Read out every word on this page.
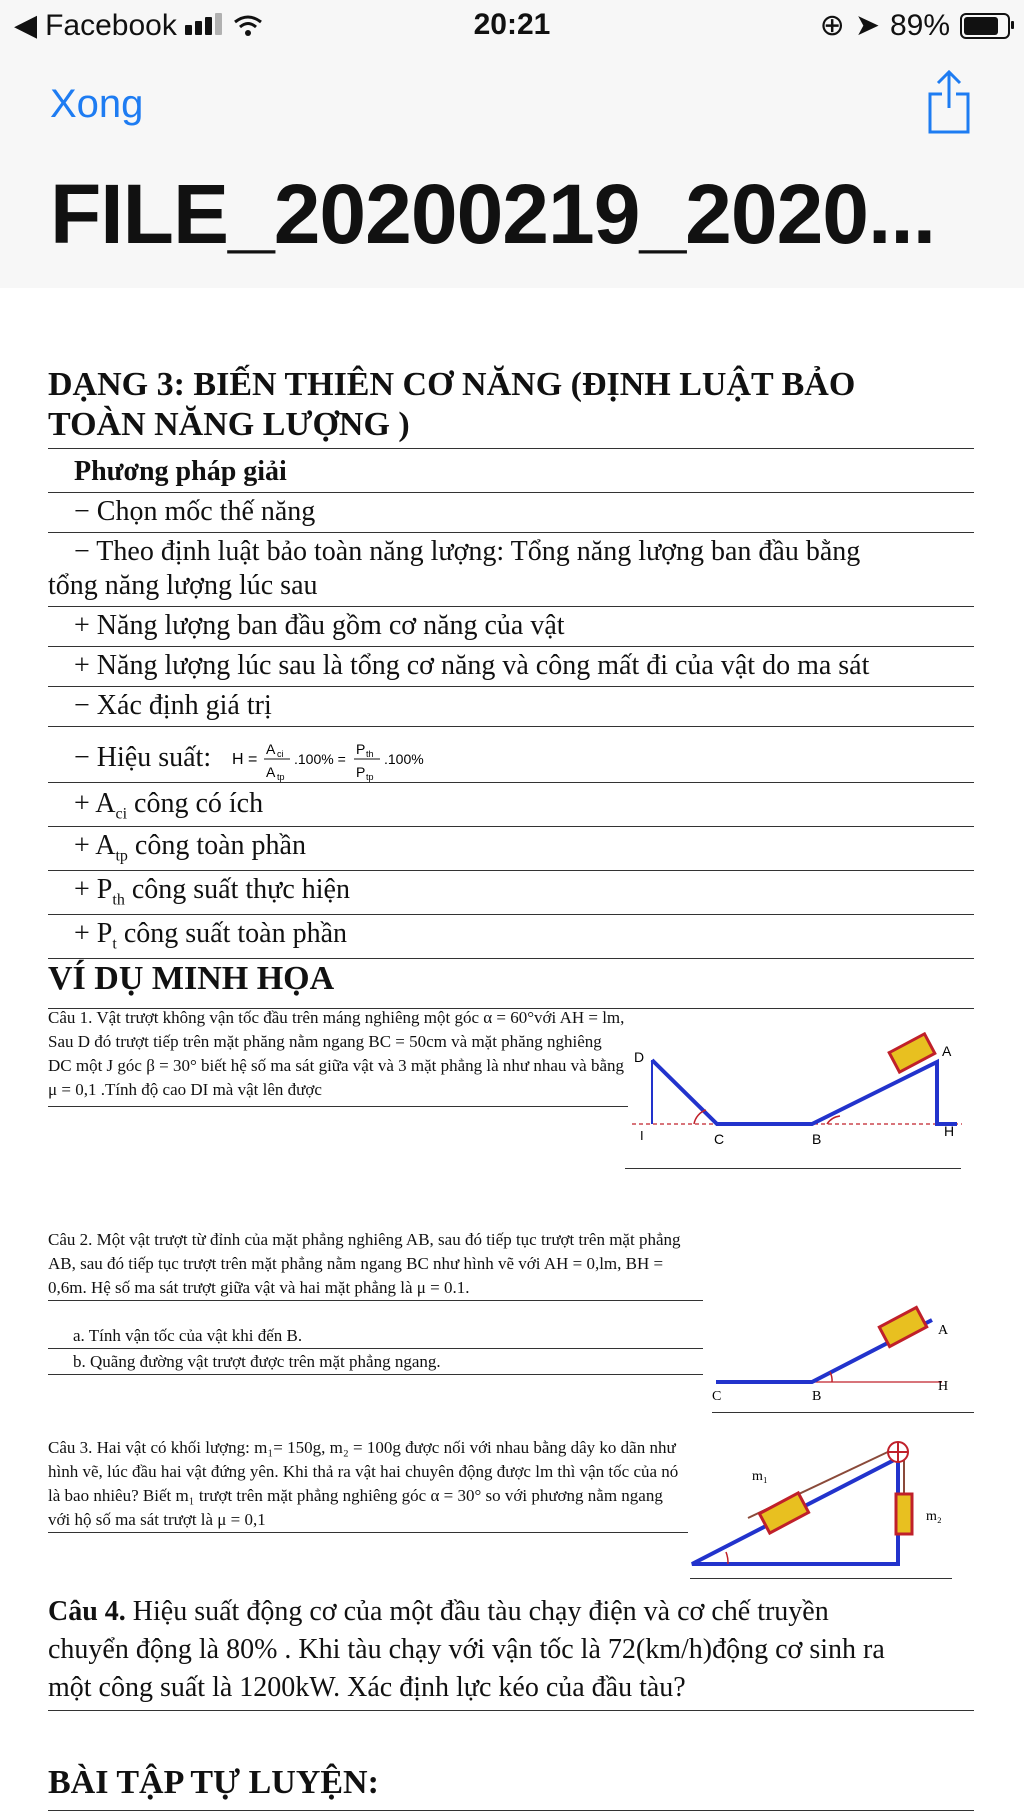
◀ Facebook	20:21	⊕ ➤ 89%
Xong
FILE_20200219_2020...
DẠNG 3: BIẾN THIÊN CƠ NĂNG (ĐỊNH LUẬT BẢO
TOÀN NĂNG LƯỢNG )
Phương pháp giải
− Chọn mốc thế năng
− Theo định luật bảo toàn năng lượng: Tổng năng lượng ban đầu bằng
tổng năng lượng lúc sau
+ Năng lượng ban đầu gồm cơ năng của vật
+ Năng lượng lúc sau là tổng cơ năng và công mất đi của vật do ma sát
− Xác định giá trị
− Hiệu suất: H =
A ci
A tp
.100% =
P th
P tp
.100%
+ $A_{ci}$ công có ích
+ $A_{tp}$ công toàn phần
+ $P_{th}$ công suất thực hiện
+ $P_t$ công suất toàn phần
VÍ DỤ MINH HỌA
Câu 1. Vật trượt không vận tốc đầu trên máng nghiêng một góc α = 60°với AH = lm, Sau D đó trượt tiếp trên mặt phăng nằm ngang BC = 50cm và mặt phăng nghiêng DC một J góc β = 30° biết hệ số ma sát giữa vật và 3 mặt phẳng là như nhau và bằng μ = 0,1 .Tính độ cao DI mà vật lên được
A
D
I	C	B	H
Câu 2. Một vật trượt từ đỉnh của mặt phẳng nghiêng AB, sau đó tiếp tục trượt trên mặt phẳng AB, sau đó tiếp tục trượt trên mặt phẳng nằm ngang BC như hình vẽ với AH = 0,lm, BH = 0,6m. Hệ số ma sát trượt giữa vật và hai mặt phẳng là μ = 0.1.
a. Tính vận tốc của vật khi đến B.
b. Quãng đường vật trượt được trên mặt phẳng ngang.
A
C	B
H
Câu 3. Hai vật có khối lượng: m₁= 150g, m₂ = 100g được nối với nhau bằng dây ko dãn như hình vẽ, lúc đầu hai vật đứng yên. Khi thả ra vật hai chuyên động được lm thì vận tốc của nó là bao nhiêu? Biết m₁ trượt trên mặt phẳng nghiêng góc α = 30° so với phương nằm ngang với hộ số ma sát trượt là μ = 0,1
m₁
m₂
Câu 4. Hiệu suất động cơ của một đầu tàu chạy điện và cơ chế truyền
chuyển động là 80% . Khi tàu chạy với vận tốc là 72(km/h)động cơ sinh ra
một công suất là 1200kW. Xác định lực kéo của đầu tàu?
BÀI TẬP TỰ LUYỆN:
